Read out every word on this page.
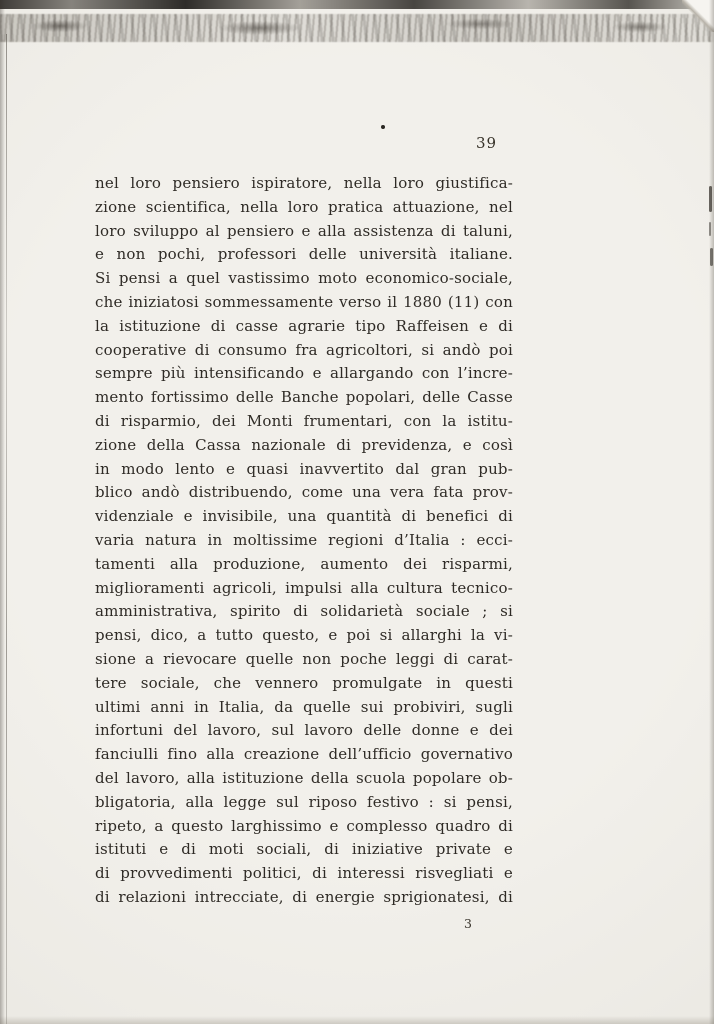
39
nel loro pensiero ispiratore, nella loro giustifica-
zione scientifica, nella loro pratica attuazione, nel
loro sviluppo al pensiero e alla assistenza di taluni,
e non pochi, professori delle università italiane.
Si pensi a quel vastissimo moto economico-sociale,
che iniziatosi sommessamente verso il 1880 (11) con
la istituzione di casse agrarie tipo Raffeisen e di
cooperative di consumo fra agricoltori, si andò poi
sempre più intensificando e allargando con l’incre-
mento fortissimo delle Banche popolari, delle Casse
di risparmio, dei Monti frumentari, con la istitu-
zione della Cassa nazionale di previdenza, e così
in modo lento e quasi inavvertito dal gran pub-
blico andò distribuendo, come una vera fata prov-
videnziale e invisibile, una quantità di benefici di
varia natura in moltissime regioni d’Italia : ecci-
tamenti alla produzione, aumento dei risparmi,
miglioramenti agricoli, impulsi alla cultura tecnico-
amministrativa, spirito di solidarietà sociale ; si
pensi, dico, a tutto questo, e poi si allarghi la vi-
sione a rievocare quelle non poche leggi di carat-
tere sociale, che vennero promulgate in questi
ultimi anni in Italia, da quelle sui probiviri, sugli
infortuni del lavoro, sul lavoro delle donne e dei
fanciulli fino alla creazione dell’ufficio governativo
del lavoro, alla istituzione della scuola popolare ob-
bligatoria, alla legge sul riposo festivo : si pensi,
ripeto, a questo larghissimo e complesso quadro di
istituti e di moti sociali, di iniziative private e
di provvedimenti politici, di interessi risvegliati e
di relazioni intrecciate, di energie sprigionatesi, di
3
